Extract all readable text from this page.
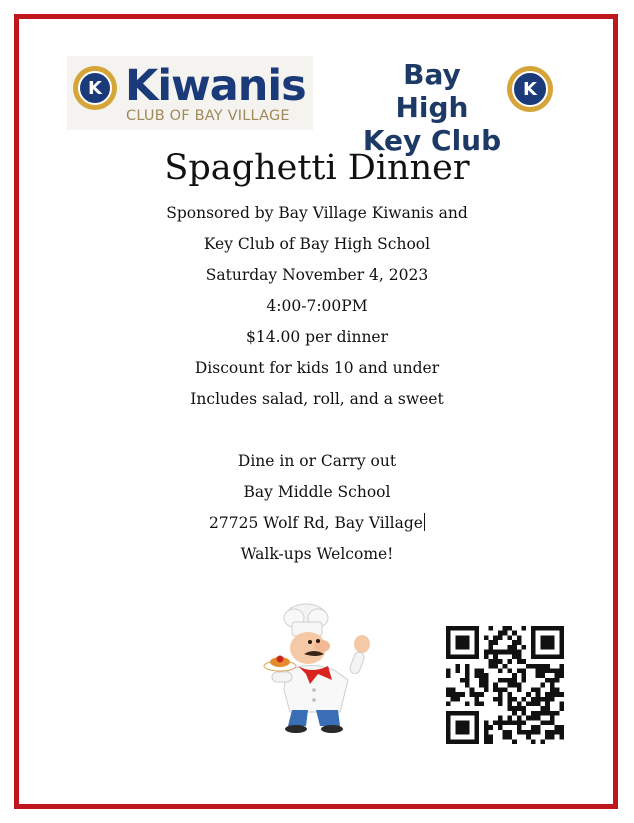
K Kiwanis
CLUB OF BAY VILLAGE
Bay High
Key Club
K
Spaghetti Dinner
Sponsored by Bay Village Kiwanis and
Key Club of Bay High School
Saturday November 4, 2023
4:00-7:00PM
$14.00 per dinner
Discount for kids 10 and under
Includes salad, roll, and a sweet
Dine in or Carry out
Bay Middle School
27725 Wolf Rd, Bay Village
Walk-ups Welcome!
